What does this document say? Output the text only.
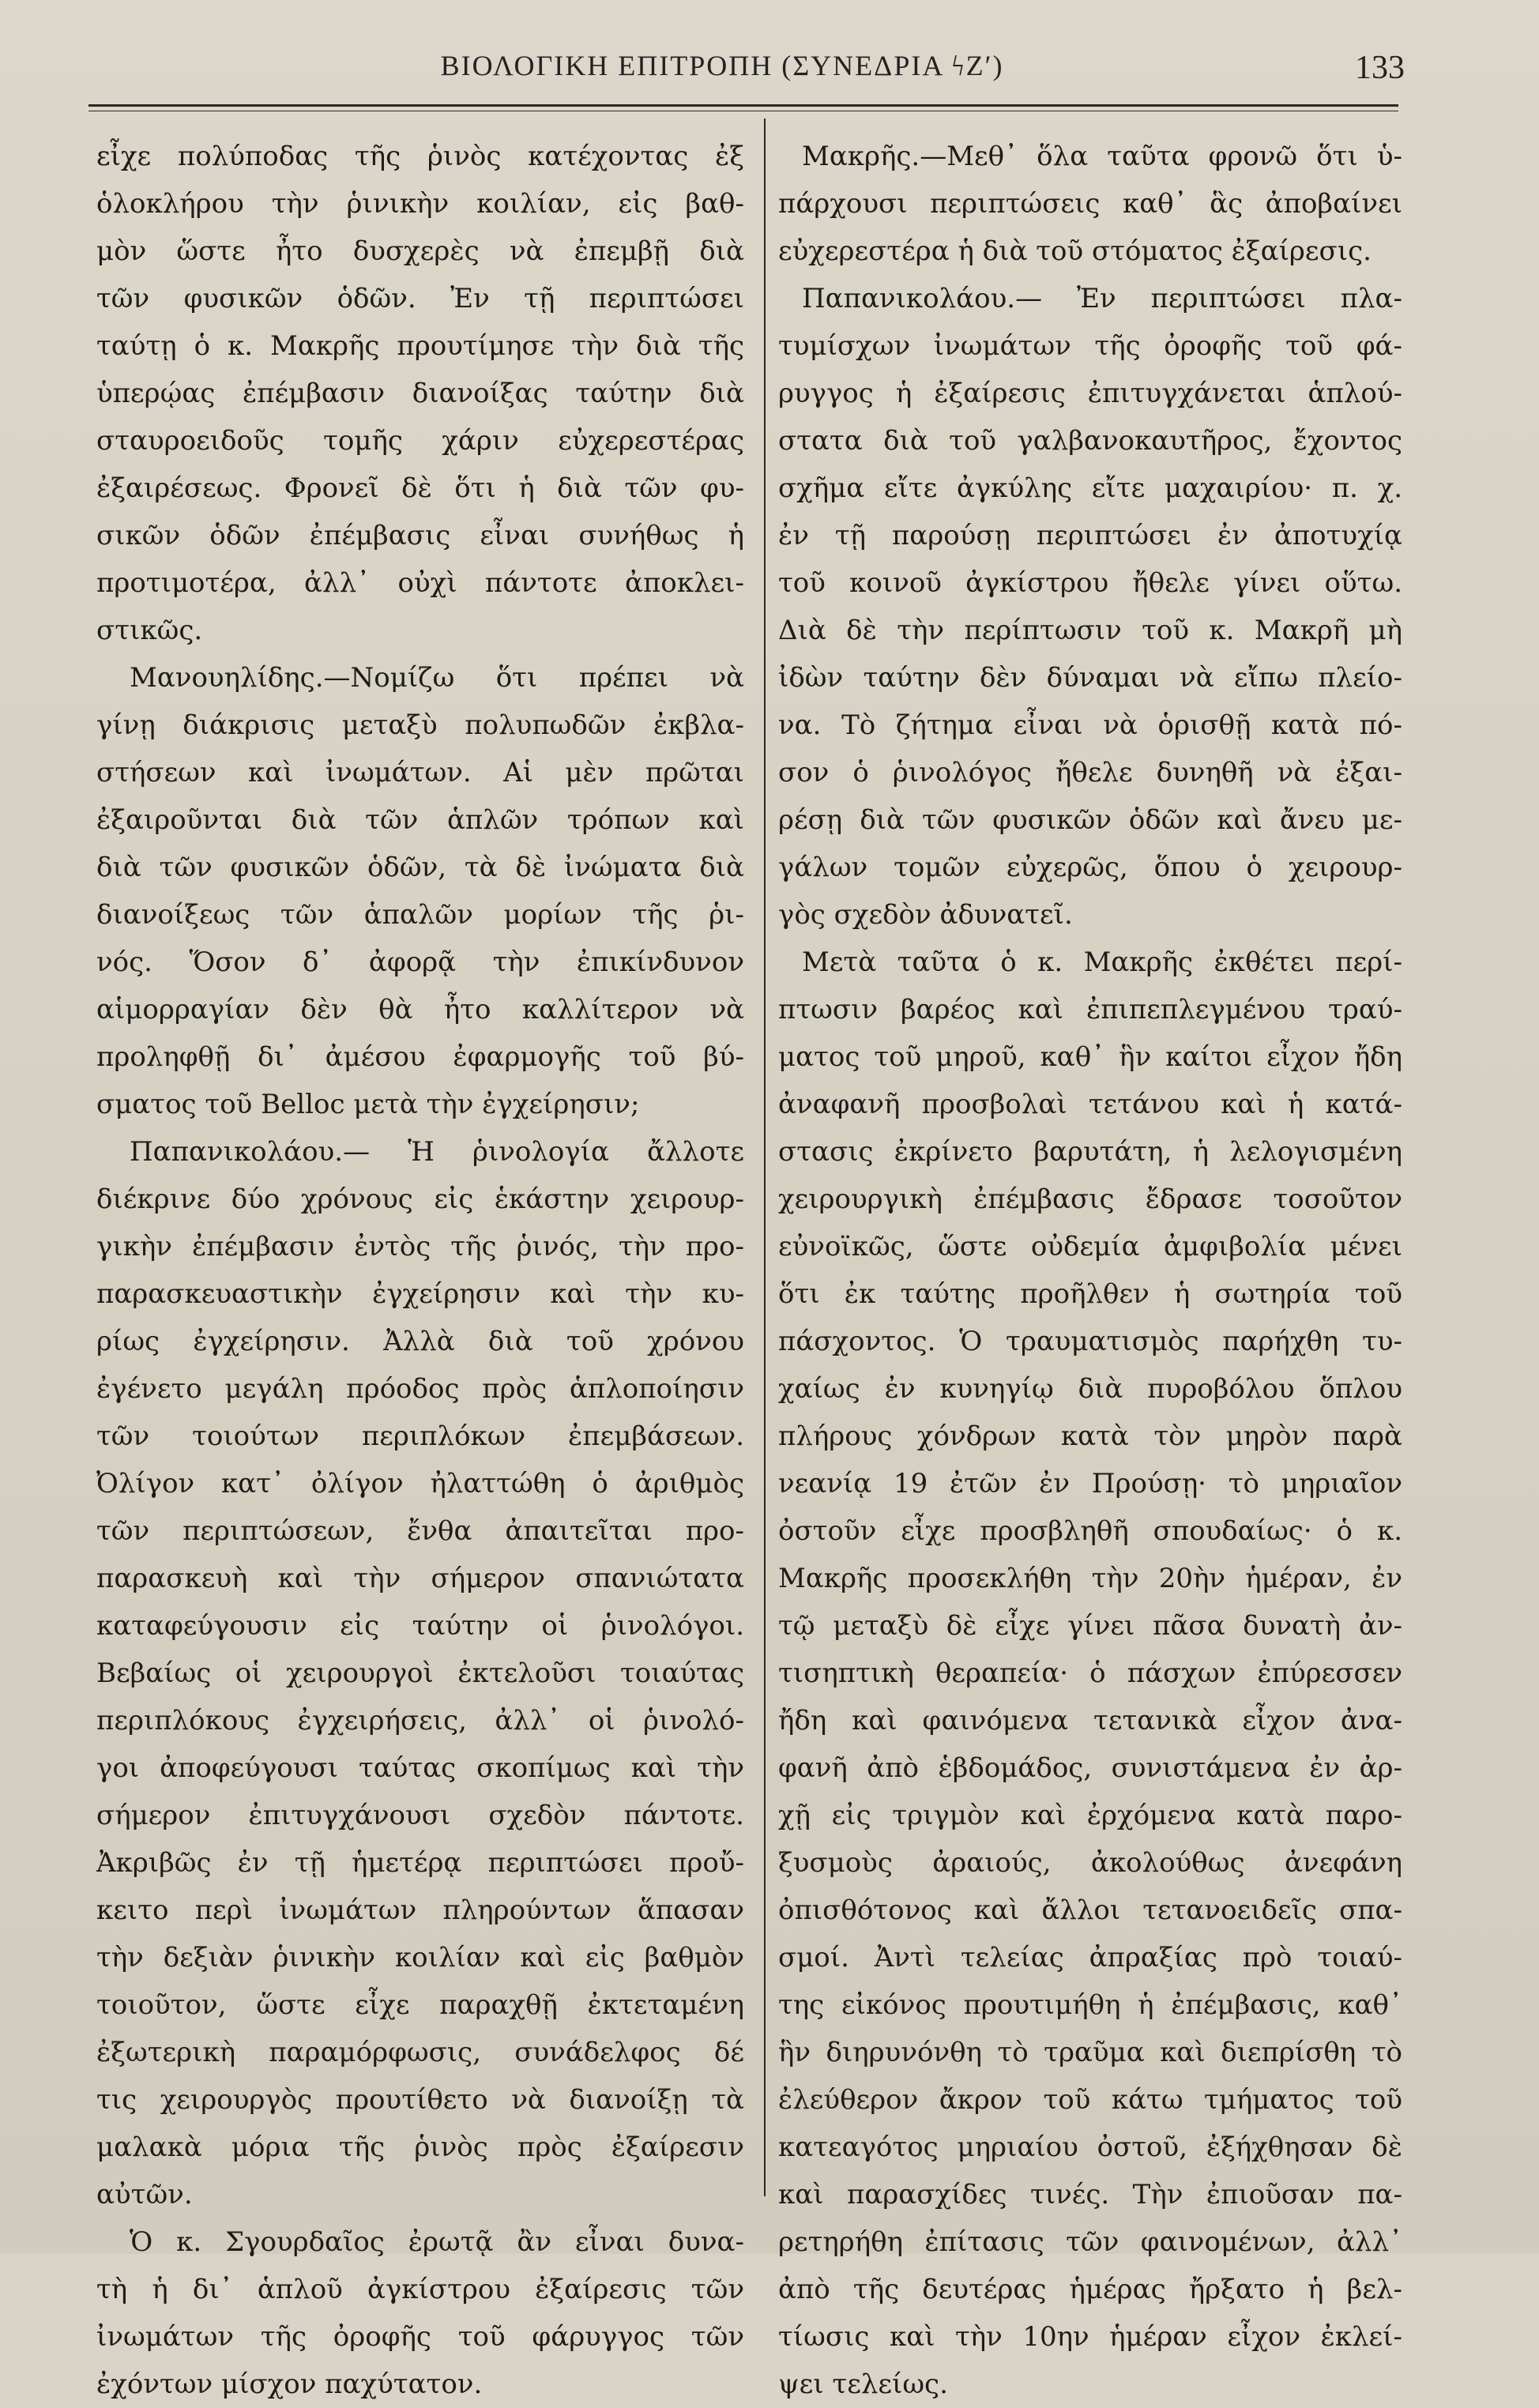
ΒΙΟΛΟΓΙΚΗ ΕΠΙΤΡΟΠΗ (ΣΥΝΕΔΡΙΑ ϟΖ′)	133
εἶχε πολύποδας τῆς ῥινὸς κατέχοντας ἐξ
ὁλοκλήρου τὴν ῥινικὴν κοιλίαν, εἰς βαθ-
μὸν ὥστε ἦτο δυσχερὲς νὰ ἐπεμβῇ διὰ
τῶν φυσικῶν ὁδῶν. Ἐν τῇ περιπτώσει
ταύτῃ ὁ κ. Μακρῆς προυτίμησε τὴν διὰ τῆς
ὑπερῴας ἐπέμβασιν διανοίξας ταύτην διὰ
σταυροειδοῦς τομῆς χάριν εὐχερεστέρας
ἐξαιρέσεως. Φρονεῖ δὲ ὅτι ἡ διὰ τῶν φυ-
σικῶν ὁδῶν ἐπέμβασις εἶναι συνήθως ἡ
προτιμοτέρα, ἀλλ᾽ οὐχὶ πάντοτε ἀποκλει-
στικῶς.
Μανουηλίδης.—Νομίζω ὅτι πρέπει νὰ
γίνῃ διάκρισις μεταξὺ πολυπωδῶν ἐκβλα-
στήσεων καὶ ἰνωμάτων. Αἱ μὲν πρῶται
ἐξαιροῦνται διὰ τῶν ἁπλῶν τρόπων καὶ
διὰ τῶν φυσικῶν ὁδῶν, τὰ δὲ ἰνώματα διὰ
διανοίξεως τῶν ἁπαλῶν μορίων τῆς ῥι-
νός. Ὅσον δ᾽ ἀφορᾷ τὴν ἐπικίνδυνον
αἱμορραγίαν δὲν θὰ ἦτο καλλίτερον νὰ
προληφθῇ δι᾽ ἀμέσου ἐφαρμογῆς τοῦ βύ-
σματος τοῦ Belloc μετὰ τὴν ἐγχείρησιν;
Παπανικολάου.— Ἡ ῥινολογία ἄλλοτε
διέκρινε δύο χρόνους εἰς ἑκάστην χειρουρ-
γικὴν ἐπέμβασιν ἐντὸς τῆς ῥινός, τὴν προ-
παρασκευαστικὴν ἐγχείρησιν καὶ τὴν κυ-
ρίως ἐγχείρησιν. Ἀλλὰ διὰ τοῦ χρόνου
ἐγένετο μεγάλη πρόοδος πρὸς ἁπλοποίησιν
τῶν τοιούτων περιπλόκων ἐπεμβάσεων.
Ὀλίγον κατ᾽ ὀλίγον ἠλαττώθη ὁ ἀριθμὸς
τῶν περιπτώσεων, ἔνθα ἀπαιτεῖται προ-
παρασκευὴ καὶ τὴν σήμερον σπανιώτατα
καταφεύγουσιν εἰς ταύτην οἱ ῥινολόγοι.
Βεβαίως οἱ χειρουργοὶ ἐκτελοῦσι τοιαύτας
περιπλόκους ἐγχειρήσεις, ἀλλ᾽ οἱ ῥινολό-
γοι ἀποφεύγουσι ταύτας σκοπίμως καὶ τὴν
σήμερον ἐπιτυγχάνουσι σχεδὸν πάντοτε.
Ἀκριβῶς ἐν τῇ ἡμετέρᾳ περιπτώσει προὔ-
κειτο περὶ ἰνωμάτων πληρούντων ἅπασαν
τὴν δεξιὰν ῥινικὴν κοιλίαν καὶ εἰς βαθμὸν
τοιοῦτον, ὥστε εἶχε παραχθῇ ἐκτεταμένη
ἐξωτερικὴ παραμόρφωσις, συνάδελφος δέ
τις χειρουργὸς προυτίθετο νὰ διανοίξῃ τὰ
μαλακὰ μόρια τῆς ῥινὸς πρὸς ἐξαίρεσιν
αὐτῶν.
Ὁ κ. Σγουρδαῖος ἐρωτᾷ ἂν εἶναι δυνα-
τὴ ἡ δι᾽ ἁπλοῦ ἀγκίστρου ἐξαίρεσις τῶν
ἰνωμάτων τῆς ὀροφῆς τοῦ φάρυγγος τῶν
ἐχόντων μίσχον παχύτατον.
Μακρῆς.—Μεθ᾽ ὅλα ταῦτα φρονῶ ὅτι ὑ-
πάρχουσι περιπτώσεις καθ᾽ ἃς ἀποβαίνει
εὐχερεστέρα ἡ διὰ τοῦ στόματος ἐξαίρεσις.
Παπανικολάου.— Ἐν περιπτώσει πλα-
τυμίσχων ἰνωμάτων τῆς ὀροφῆς τοῦ φά-
ρυγγος ἡ ἐξαίρεσις ἐπιτυγχάνεται ἁπλού-
στατα διὰ τοῦ γαλβανοκαυτῆρος, ἔχοντος
σχῆμα εἴτε ἀγκύλης εἴτε μαχαιρίου· π. χ.
ἐν τῇ παρούσῃ περιπτώσει ἐν ἀποτυχίᾳ
τοῦ κοινοῦ ἀγκίστρου ἤθελε γίνει οὕτω.
Διὰ δὲ τὴν περίπτωσιν τοῦ κ. Μακρῆ μὴ
ἰδὼν ταύτην δὲν δύναμαι νὰ εἴπω πλείο-
να. Τὸ ζήτημα εἶναι νὰ ὁρισθῇ κατὰ πό-
σον ὁ ῥινολόγος ἤθελε δυνηθῆ νὰ ἐξαι-
ρέσῃ διὰ τῶν φυσικῶν ὁδῶν καὶ ἄνευ με-
γάλων τομῶν εὐχερῶς, ὅπου ὁ χειρουρ-
γὸς σχεδὸν ἀδυνατεῖ.
Μετὰ ταῦτα ὁ κ. Μακρῆς ἐκθέτει περί-
πτωσιν βαρέος καὶ ἐπιπεπλεγμένου τραύ-
ματος τοῦ μηροῦ, καθ᾽ ἣν καίτοι εἶχον ἤδη
ἀναφανῆ προσβολαὶ τετάνου καὶ ἡ κατά-
στασις ἐκρίνετο βαρυτάτη, ἡ λελογισμένη
χειρουργικὴ ἐπέμβασις ἔδρασε τοσοῦτον
εὐνοϊκῶς, ὥστε οὐδεμία ἀμφιβολία μένει
ὅτι ἐκ ταύτης προῆλθεν ἡ σωτηρία τοῦ
πάσχοντος. Ὁ τραυματισμὸς παρήχθη τυ-
χαίως ἐν κυνηγίῳ διὰ πυροβόλου ὅπλου
πλήρους χόνδρων κατὰ τὸν μηρὸν παρὰ
νεανίᾳ 19 ἐτῶν ἐν Προύσῃ· τὸ μηριαῖον
ὀστοῦν εἶχε προσβληθῆ σπουδαίως· ὁ κ.
Μακρῆς προσεκλήθη τὴν 20ὴν ἡμέραν, ἐν
τῷ μεταξὺ δὲ εἶχε γίνει πᾶσα δυνατὴ ἀν-
τισηπτικὴ θεραπεία· ὁ πάσχων ἐπύρεσσεν
ἤδη καὶ φαινόμενα τετανικὰ εἶχον ἀνα-
φανῆ ἀπὸ ἑβδομάδος, συνιστάμενα ἐν ἀρ-
χῇ εἰς τριγμὸν καὶ ἐρχόμενα κατὰ παρο-
ξυσμοὺς ἀραιούς, ἀκολούθως ἀνεφάνη
ὀπισθότονος καὶ ἄλλοι τετανοειδεῖς σπα-
σμοί. Ἀντὶ τελείας ἀπραξίας πρὸ τοιαύ-
της εἰκόνος προυτιμήθη ἡ ἐπέμβασις, καθ᾽
ἣν διηρυνόνθη τὸ τραῦμα καὶ διεπρίσθη τὸ
ἐλεύθερον ἄκρον τοῦ κάτω τμήματος τοῦ
κατεαγότος μηριαίου ὀστοῦ, ἐξήχθησαν δὲ
καὶ παρασχίδες τινές. Τὴν ἐπιοῦσαν πα-
ρετηρήθη ἐπίτασις τῶν φαινομένων, ἀλλ᾽
ἀπὸ τῆς δευτέρας ἡμέρας ἤρξατο ἡ βελ-
τίωσις καὶ τὴν 10ην ἡμέραν εἶχον ἐκλεί-
ψει τελείως.
